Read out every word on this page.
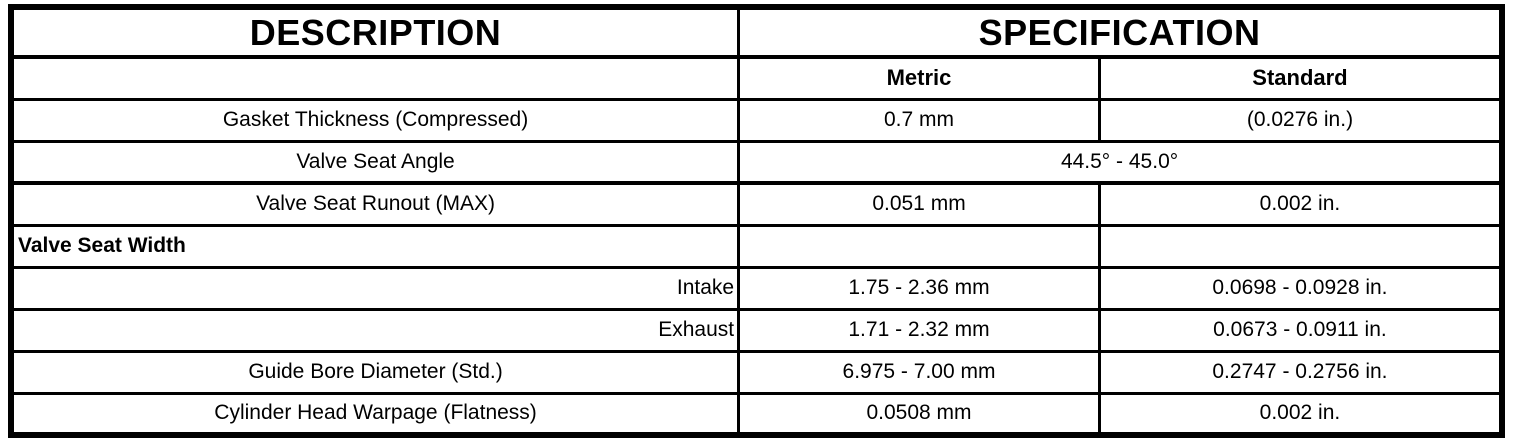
DESCRIPTION	SPECIFICATION	
	Metric	Standard
Gasket Thickness (Compressed)	0.7 mm	(0.0276 in.)
Valve Seat Angle	44.5° - 45.0°	
Valve Seat Runout (MAX)	0.051 mm	0.002 in.
Valve Seat Width		
Intake	1.75 - 2.36 mm	0.0698 - 0.0928 in.
Exhaust	1.71 - 2.32 mm	0.0673 - 0.0911 in.
Guide Bore Diameter (Std.)	6.975 - 7.00 mm	0.2747 - 0.2756 in.
Cylinder Head Warpage (Flatness)	0.0508 mm	0.002 in.
